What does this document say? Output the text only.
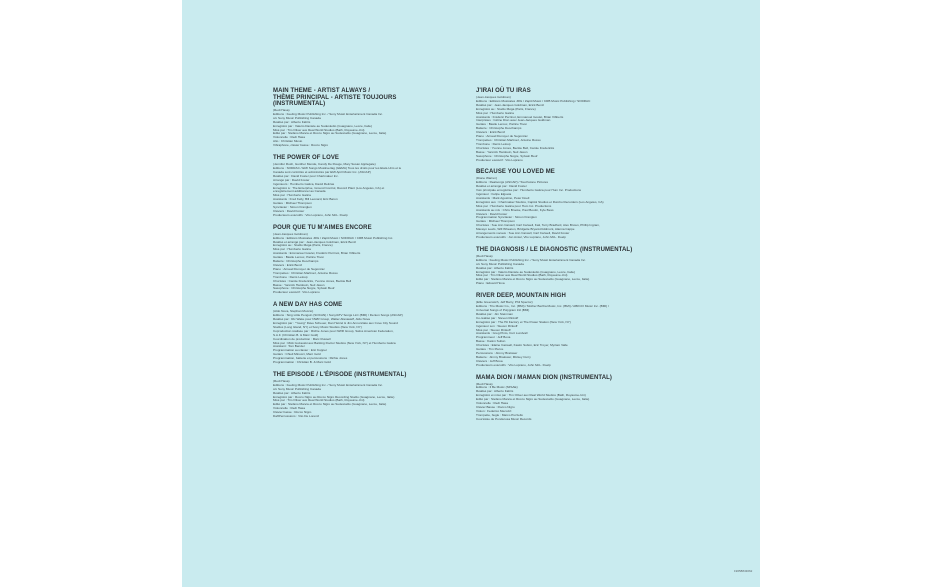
MAIN THEME - ARTIST ALWAYS /
THÈME PRINCIPAL - ARTISTE TOUJOURS
(INSTRUMENTAL)
(Redi Hasa)
Éditions : Feeling Music Publishing Inc. / Sony Music Entertainment Canada Inc.
c/o Sony Music Publishing Canada
Réalisé par : Alberto Fabris
Enregistré par : Valerio Daniele au Sudestudio (Guagnano, Lecce, Italie)
Mixé par : Tim Oliver aux Real World Studios (Bath, Royaume-Uni)
Édité par : Stefano Manca et Rocco Nigro au Sudestudio (Guagnano, Lecce, Italie)
Violoncelle : Redi Hasa
Alto : Christian Musio
Vibraphone, clavier basse : Rocco Nigro
THE POWER OF LOVE
(Jennifer Rush, Gunther Mende, Candy De Rouge, Mary Susan Applegate)
Éditions : SODRAC / EMI Songs Musikverlag (GEMA) Tous les droits pour les États-Unis et le
Canada sont contrôlés et administrés par EMI April Music Inc. (ASCAP)
Réalisé par : David Foster pour Chartmaker Inc.
Arrangé par : David Foster
Ingénieurs : Humberto Gatica, David Reitzas
Enregistré à : The Enterprise, Ground Control, Record Plant (Los Angeles, CA) et
enregistrement additionnel au Canada
Mixé par : Humberto Gatica
Assistants : Fred Kelly, Bill Leonard, Eric Baron
Guitare : Michael Thompson
Synclavier : Simon Franglen
Claviers : David Foster
Producteurs exécutifs : Vito Luprano, John McL. Doelp
POUR QUE TU M'AIMES ENCORE
(Jean-Jacques Goldman)
Éditions : Éditions Musicales JRG / Zapiti Music / SODRAC / CRB Music Publishing Inc.
Réalisé et arrangé par : Jean-Jacques Goldman, Erick Benzi
Enregistré au : Studio Méga (Paris, France)
Mixé par : Humberto Gatica
Assistants : Emmanuel Goulet, Frédéric Perrinot, Brian Vibberts
Guitare : Basile Leroux, Patrice Tison
Batterie : Christophe Deschamps
Claviers : Erick Benzi
Piano : Arnaud Dunoyer de Segonzac
Trompettes : Christian Martinez, Antoine Russo
Trombone : Denis Leloup
Choristes : Carole Fredericks, Yvonne Jones, Beckie Bell
Basse : Yannick Hardouin, Neil Jason
Saxophone : Christophe Nègre, Sylvain Beuf
Producteur exécutif : Vito Luprano
A NEW DAY HAS COME
(Aldo Nova, Stephan Moccio)
Éditions : Sing Little Penguin (SOCAN) / Sony/ATV Songs LLC (BMI) / Denton Songs (ASCAP)
Réalisé par : Ric Wake pour NWR Group, Walter Afanasieff, Aldo Nova
Enregistré par : "Young" Dave Scheuer, Dan Hetzel & Jim Annunziato aux Cove City Sound
Studios (Long Island, NY) et Sony Music Studios (New York, NY)
Coproduction réalisée par : Richie Jones pour NWR Group, Swiss American Federation,
S.A.F. (Christian B. & Marc Gold)
Coordination de production : Marc Russell
Mixé par : Mick Guzauski aux Barking Doctor Studios (New York, NY) et Humberto Gatica
Assistant : Tom Bender
Programmation au clavier : Eric Kupper
Guitars : Chieli Minucci, Marc Gold
Programmation, batterie et percussions : Richie Jones
Programmation : Christian B. & Marc Gold
THE EPISODE / L'ÉPISODE (INSTRUMENTAL)
(Redi Hasa)
Éditions : Feeling Music Publishing Inc. / Sony Music Entertainment Canada Inc.
c/o Sony Music Publishing Canada
Réalisé par : Alberto Fabris
Enregistré par : Rocco Nigro au Rocco Nigro Recording Studio (Guagnano, Lecce, Italie)
Mixé par : Tim Oliver aux Real World Studios (Bath, Royaume-Uni)
Édité par : Stefano Manca et Rocco Nigro au Sudestudio (Guagnano, Lecce, Italie)
Violoncelle : Redi Hasa
Clavier basse : Rocco Nigro
Daf/Percussions : Vito De Lorenzi
J'IRAI OÙ TU IRAS
(Jean-Jacques Goldman)
Éditions : Éditions Musicales JRG / Zapiti Music / CRB Music Publishing / SODRAC
Réalisé par : Jean-Jacques Goldman, Erick Benzi
Enregistré au : Studio Méga (Paris, France)
Mixé par : Humberto Gatica
Assistants : Frédéric Perrinot, Emmanuel Goulet, Brian Vibberts
Interprètes : Céline Dion avec Jean-Jacques Goldman
Guitare : Basile Leroux, Patrice Tison
Batterie : Christophe Deschamps
Claviers : Erick Benzi
Piano : Arnaud Dunoyer de Segonzac
Trompettes : Christian Martinez, Antoine Russo
Trombone : Denis Leloup
Choristes : Yvonne Jones, Beckie Bell, Carole Fredericks
Basse : Yannick Hardouin, Neil Jason
Saxophone : Christophe Nègre, Sylvain Beuf
Producteur exécutif : Vito Luprano
BECAUSE YOU LOVED ME
(Diane Warren)
Éditions : Realsongs (ASCAP) / Touchstone Pictures
Réalisé et arrangé par : David Foster
Voix principale enregistrée par : Humberto Gatica pour Hum Inc. Productions
Ingénieur : Felipe Elgueta
Assistants : Mark Agostino, Peter Doell
Enregistré aux : Chartmaker Studios, Capitol Studios et Rumbo Recorders (Los Angeles, CA)
Mixé par : Humberto Gatica pour Hum Inc. Productions
Assistants au mix : Chris Brooke, Paul Boutin, Kyle Bess
Claviers : David Foster
Programmation Synclavier : Simon Franglen
Guitare : Michael Thompson
Choristes : Sue Ann Carwell, Carl Carwell, Kati, Terry Bradford, Alex Brown, Phillip Ingram,
Maxayn Lewis, Will Wheaton, Bridgette Bryant-Fiddmont, Alanna Cappe
Arrangements vocaux : Sue Ann Carwell, Carl Carwell, David Foster
Producteurs exécutifs : Jon Amiel, Vito Luprano, John McL. Doelp
THE DIAGNOSIS / LE DIAGNOSTIC (INSTRUMENTAL)
(Redi Hasa)
Éditions : Feeling Music Publishing Inc. / Sony Music Entertainment Canada Inc.
c/o Sony Music Publishing Canada
Réalisé par : Alberto Fabris
Enregistré par : Valerio Daniele au Sudestudio (Guagnano, Lecce, Italie)
Mixé par : Tim Oliver aux Real World Studios (Bath, Royaume-Uni)
Édité par : Stefano Manca et Rocco Nigro au Sudestudio (Guagnano, Lecce, Italie)
Piano : Eduard Hoxa
RIVER DEEP, MOUNTAIN HIGH
(Ellie Greenwich, Jeff Barry, Phil Spector)
Éditions : Trio Music Co., Inc. (BMI) / Mother Bertha Music, Inc. (BMI) / ABKCO Music Inc. (BMI) /
Universal Songs of Polygram Intl (BMI)
Réalisé par : Jim Steinman
Co-réalisé par : Steven Rinkoff
Enregistré par : The Hit Factory et The Power Station (New York, NY)
Ingénieur son : Steven Rinkoff
Mixé par : Steven Rinkoff
Assistants : Greg Pinto, Curt Lundvall
Programmeur : Jeff Bova
Basse : Kasim Sulton
Choristes : Elaine Caswell, Kasim Sulton, Eric Troyer, Myriam Valle
Guitare : Tim Pierce
Percussions : Jimmy Bralower
Batterie : Jimmy Bralower, Mickey Curry
Claviers : Jeff Bova
Producteurs exécutifs : Vito Luprano, John McL. Doelp
MAMA DION / MAMAN DION (INSTRUMENTAL)
(Redi Hasa)
Éditions : Il Be Music (SIISAE)
Réalisé par : Alberto Fabris
Enregistré et mixé par : Tim Oliver aux Real World Studios (Bath, Royaume-Uni)
Édité par : Stefano Manca et Rocco Nigro au Sudestudio (Guagnano, Lecce, Italie)
Violoncelle : Redi Hasa
Clavier Basse : Rocco Nigro
Violon : Federico Mecozzi
Trompette, bugle : Marco Puzzello
Courtoisie de Ponderosa Music Records
19658843062
